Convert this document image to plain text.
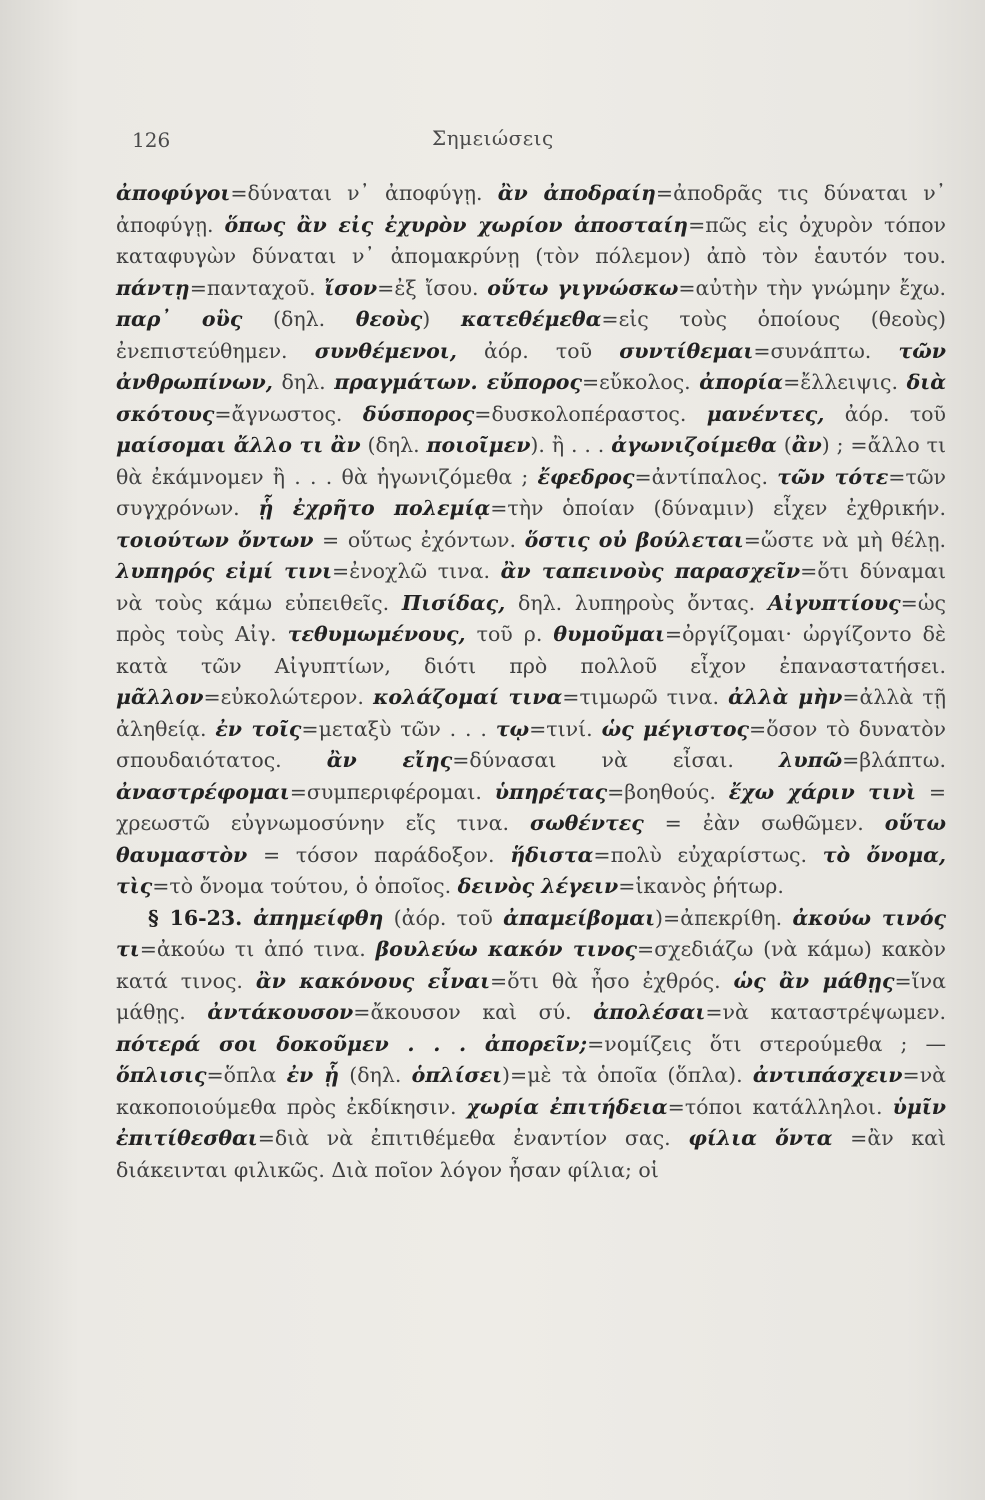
126	Σημειώσεις

ἀποφύγοι=δύναται ν᾽ ἀποφύγῃ. ἂν ἀποδραίη=ἀποδρᾶς τις δύναται ν᾽ ἀποφύγῃ. ὅπως ἂν εἰς ἐχυρὸν χωρίον ἀποσταίη=πῶς εἰς ὀχυρὸν τόπον καταφυγὼν δύναται ν᾽ ἀπομακρύνῃ (τὸν πόλεμον) ἀπὸ τὸν ἑαυτόν του. πάντῃ=πανταχοῦ. ἴσον=ἐξ ἴσου. οὕτω γιγνώσκω=αὐτὴν τὴν γνώμην ἔχω. παρ᾽ οὓς (δηλ. θεοὺς) κατεθέμεθα=εἰς τοὺς ὁποίους (θεοὺς) ἐνεπιστεύθημεν. συνθέμενοι, ἀόρ. τοῦ συντίθεμαι=συνάπτω. τῶν ἀνθρωπίνων, δηλ. πραγμάτων. εὔπορος=εὔκολος. ἀπορία=ἔλλειψις. διὰ σκότους=ἄγνωστος. δύσπορος=δυσκολοπέραστος. μανέντες, ἀόρ. τοῦ μαίσομαι ἄλλο τι ἂν (δηλ. ποιοῖμεν). ἢ . . . ἀγωνιζοίμεθα (ἂν) ; =ἄλλο τι θὰ ἐκάμνομεν ἢ . . . θὰ ἠγωνιζόμεθα ; ἔφεδρος=ἀντίπαλος. τῶν τότε=τῶν συγχρόνων. ᾗ ἐχρῆτο πολεμίᾳ=τὴν ὁποίαν (δύναμιν) εἶχεν ἐχθρικήν. τοιούτων ὄντων = οὕτως ἐχόντων. ὅστις οὐ βούλεται=ὥστε νὰ μὴ θέλῃ. λυπηρός εἰμί τινι=ἐνοχλῶ τινα. ἂν ταπεινοὺς παρασχεῖν=ὅτι δύναμαι νὰ τοὺς κάμω εὐπειθεῖς. Πισίδας, δηλ. λυπηροὺς ὄντας. Αἰγυπτίους=ὡς πρὸς τοὺς Αἰγ. τεθυμωμένους, τοῦ ρ. θυμοῦμαι=ὀργίζομαι· ὠργίζοντο δὲ κατὰ τῶν Αἰγυπτίων, διότι πρὸ πολλοῦ εἶχον ἐπαναστατήσει. μᾶλλον=εὐκολώτερον. κολάζομαί τινα=τιμωρῶ τινα. ἀλλὰ μὴν=ἀλλὰ τῇ ἀληθείᾳ. ἐν τοῖς=μεταξὺ τῶν . . . τῳ=τινί. ὡς μέγιστος=ὅσον τὸ δυνατὸν σπουδαιότατος. ἂν εἴης=δύνασαι νὰ εἶσαι. λυπῶ=βλάπτω. ἀναστρέφομαι=συμπεριφέρομαι. ὑπηρέτας=βοηθούς. ἔχω χάριν τινὶ = χρεωστῶ εὐγνωμοσύνην εἴς τινα. σωθέντες = ἐὰν σωθῶμεν. οὕτω θαυμαστὸν = τόσον παράδοξον. ἥδιστα=πολὺ εὐχαρίστως. τὸ ὄνομα, τὶς=τὸ ὄνομα τούτου, ὁ ὁποῖος. δεινὸς λέγειν=ἱκανὸς ῥήτωρ.

§ 16-23. ἀπημείφθη (ἀόρ. τοῦ ἀπαμείβομαι)=ἀπεκρίθη. ἀκούω τινός τι=ἀκούω τι ἀπό τινα. βουλεύω κακόν τινος=σχεδιάζω (νὰ κάμω) κακὸν κατά τινος. ἂν κακόνους εἶναι=ὅτι θὰ ἦσο ἐχθρός. ὡς ἂν μάθῃς=ἵνα μάθῃς. ἀντάκουσον=ἄκουσον καὶ σύ. ἀπολέσαι=νὰ καταστρέψωμεν. πότερά σοι δοκοῦμεν . . . ἀπορεῖν;=νομίζεις ὅτι στερούμεθα ; — ὅπλισις=ὅπλα ἐν ᾗ (δηλ. ὁπλίσει)=μὲ τὰ ὁποῖα (ὅπλα). ἀντιπάσχειν=νὰ κακοποιούμεθα πρὸς ἐκδίκησιν. χωρία ἐπιτήδεια=τόποι κατάλληλοι. ὑμῖν ἐπιτίθεσθαι=διὰ νὰ ἐπιτιθέμεθα ἐναντίον σας. φίλια ὄντα =ἂν καὶ διάκεινται φιλικῶς. Διὰ ποῖον λόγον ἦσαν φίλια; οἱ
